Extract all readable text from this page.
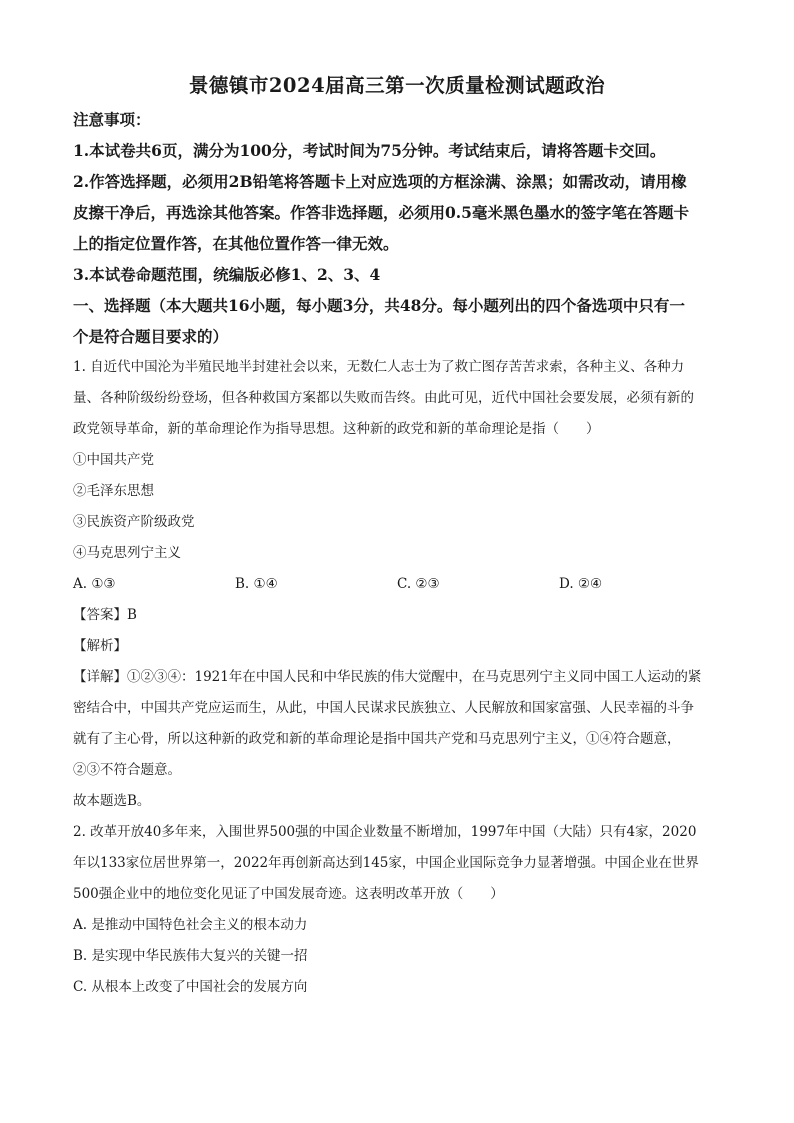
景德镇市2024届高三第一次质量检测试题政治
注意事项：
1.本试卷共6页，满分为100分，考试时间为75分钟。考试结束后，请将答题卡交回。
2.作答选择题，必须用2B铅笔将答题卡上对应选项的方框涂满、涂黑；如需改动，请用橡
皮擦干净后，再选涂其他答案。作答非选择题，必须用0.5毫米黑色墨水的签字笔在答题卡
上的指定位置作答，在其他位置作答一律无效。
3.本试卷命题范围，统编版必修1、2、3、4
一、选择题（本大题共16小题，每小题3分，共48分。每小题列出的四个备选项中只有一
个是符合题目要求的）
1. 自近代中国沦为半殖民地半封建社会以来，无数仁人志士为了救亡图存苦苦求索，各种主义、各种力
量、各种阶级纷纷登场，但各种救国方案都以失败而告终。由此可见，近代中国社会要发展，必须有新的
政党领导革命，新的革命理论作为指导思想。这种新的政党和新的革命理论是指（　　）
①中国共产党
②毛泽东思想
③民族资产阶级政党
④马克思列宁主义
A. ①③	B. ①④	C. ②③	D. ②④
【答案】B
【解析】
【详解】①②③④：1921年在中国人民和中华民族的伟大觉醒中，在马克思列宁主义同中国工人运动的紧
密结合中，中国共产党应运而生，从此，中国人民谋求民族独立、人民解放和国家富强、人民幸福的斗争
就有了主心骨，所以这种新的政党和新的革命理论是指中国共产党和马克思列宁主义，①④符合题意，
②③不符合题意。
故本题选B。
2. 改革开放40多年来，入围世界500强的中国企业数量不断增加，1997年中国（大陆）只有4家，2020
年以133家位居世界第一，2022年再创新高达到145家，中国企业国际竞争力显著增强。中国企业在世界
500强企业中的地位变化见证了中国发展奇迹。这表明改革开放（　　）
A. 是推动中国特色社会主义的根本动力
B. 是实现中华民族伟大复兴的关键一招
C. 从根本上改变了中国社会的发展方向
